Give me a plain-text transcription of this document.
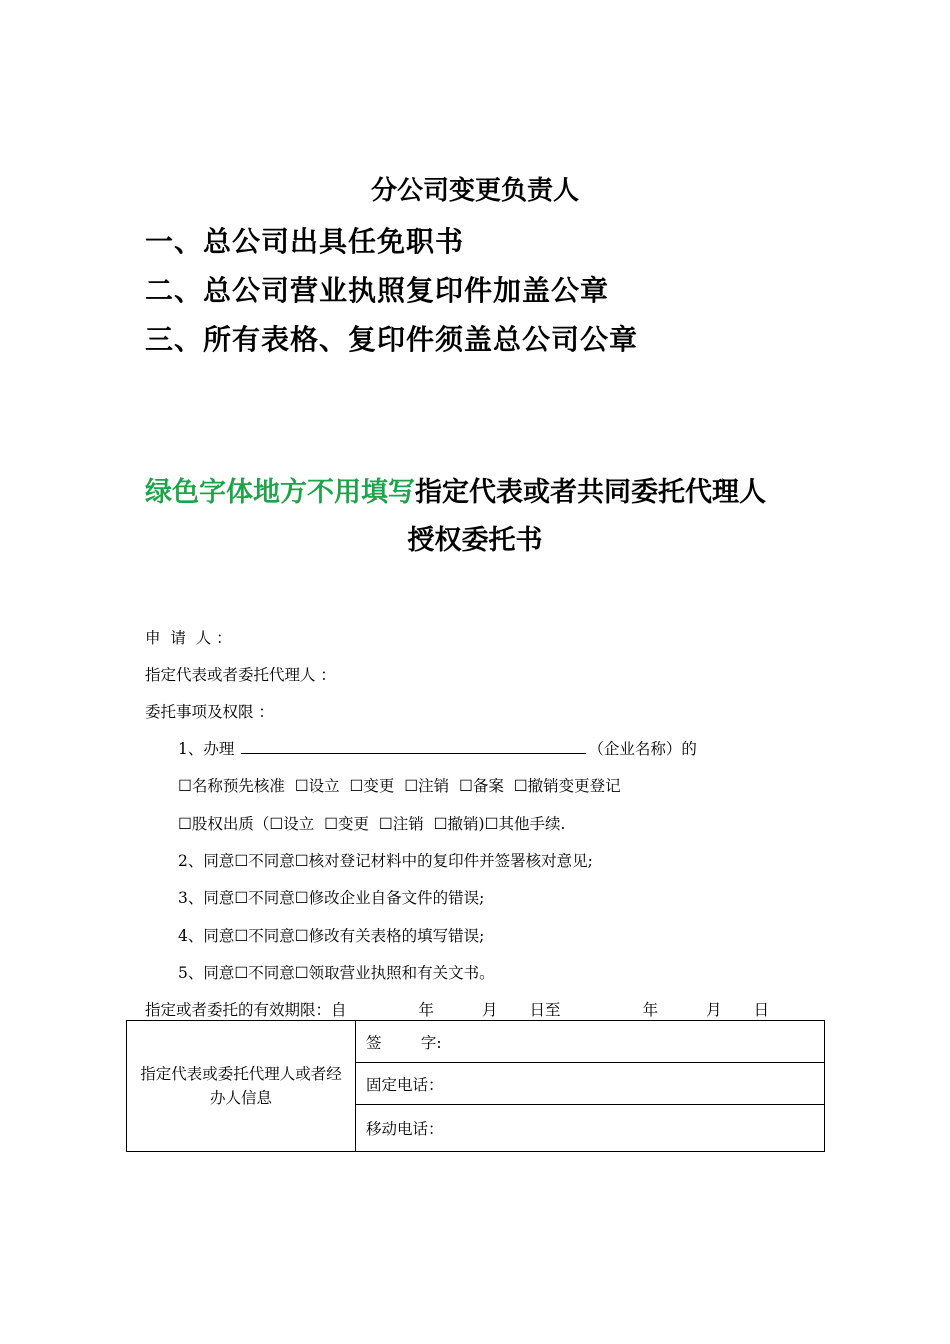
分公司变更负责人
一、总公司出具任免职书
二、总公司营业执照复印件加盖公章
三、所有表格、复印件须盖总公司公章
绿色字体地方不用填写指定代表或者共同委托代理人
授权委托书
申  请  人 ：
指定代表或者委托代理人 ：
委托事项及权限 ：
1、办理	（企业名称）的
☐名称预先核准  ☐设立  ☐变更  ☐注销  ☐备案  ☐撤销变更登记
☐股权出质（☐设立  ☐变更  ☐注销  ☐撤销)☐其他手续.
2、同意☐不同意☐核对登记材料中的复印件并签署核对意见;
3、同意☐不同意☐修改企业自备文件的错误;
4、同意☐不同意☐修改有关表格的填写错误;
5、同意☐不同意☐领取营业执照和有关文书。
指定或者委托的有效期限：自	年	月 日至	年	月 日
指定代表或委托代理人或者经办人信息	签        字:
固定电话：
移动电话：
